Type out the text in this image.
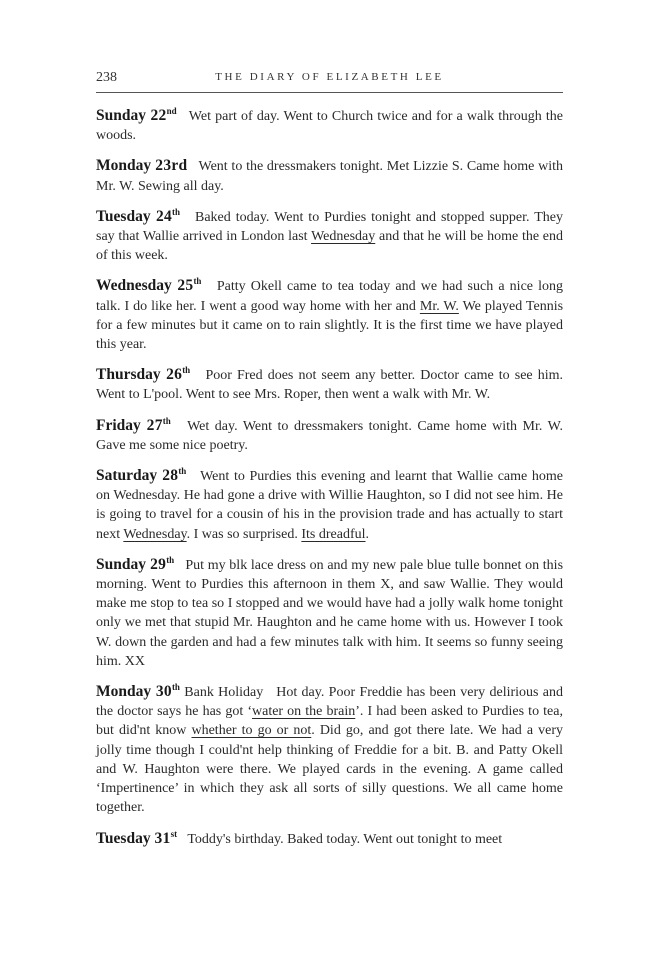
238	THE DIARY OF ELIZABETH LEE

Sunday 22nd Wet part of day. Went to Church twice and for a walk through the woods.

Monday 23rd Went to the dressmakers tonight. Met Lizzie S. Came home with Mr. W. Sewing all day.

Tuesday 24th Baked today. Went to Purdies tonight and stopped supper. They say that Wallie arrived in London last Wednesday and that he will be home the end of this week.

Wednesday 25th Patty Okell came to tea today and we had such a nice long talk. I do like her. I went a good way home with her and Mr. W. We played Tennis for a few minutes but it came on to rain slightly. It is the first time we have played this year.

Thursday 26th Poor Fred does not seem any better. Doctor came to see him. Went to L'pool. Went to see Mrs. Roper, then went a walk with Mr. W.

Friday 27th Wet day. Went to dressmakers tonight. Came home with Mr. W. Gave me some nice poetry.

Saturday 28th Went to Purdies this evening and learnt that Wallie came home on Wednesday. He had gone a drive with Willie Haughton, so I did not see him. He is going to travel for a cousin of his in the provision trade and has actually to start next Wednesday. I was so surprised. Its dreadful.

Sunday 29th Put my blk lace dress on and my new pale blue tulle bonnet on this morning. Went to Purdies this afternoon in them X, and saw Wallie. They would make me stop to tea so I stopped and we would have had a jolly walk home tonight only we met that stupid Mr. Haughton and he came home with us. However I took W. down the garden and had a few minutes talk with him. It seems so funny seeing him. XX

Monday 30th Bank Holiday Hot day. Poor Freddie has been very delirious and the doctor says he has got ‘water on the brain’. I had been asked to Purdies to tea, but did'nt know whether to go or not. Did go, and got there late. We had a very jolly time though I could'nt help thinking of Freddie for a bit. B. and Patty Okell and W. Haughton were there. We played cards in the evening. A game called ‘Impertinence’ in which they ask all sorts of silly questions. We all came home together.

Tuesday 31st Toddy's birthday. Baked today. Went out tonight to meet
